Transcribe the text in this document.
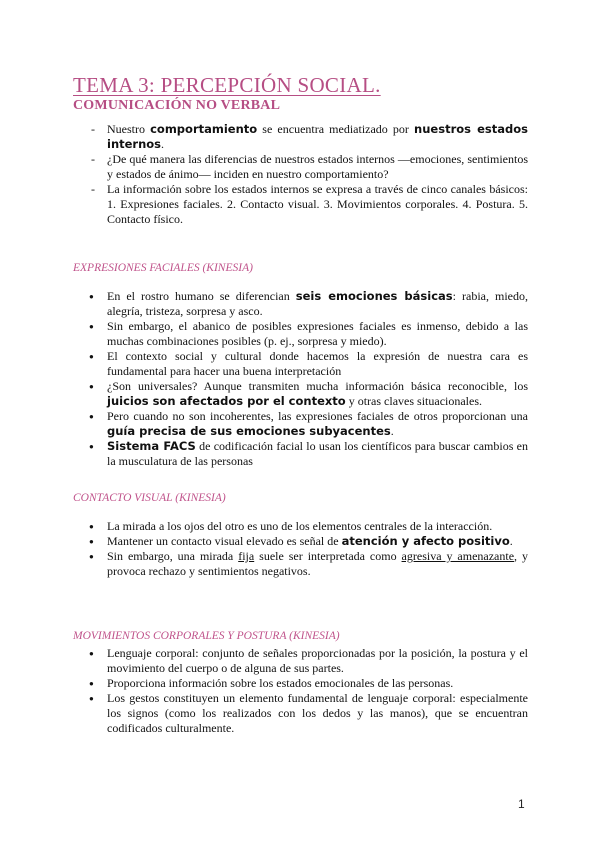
TEMA 3: PERCEPCIÓN SOCIAL.
COMUNICACIÓN NO VERBAL
- Nuestro comportamiento se encuentra mediatizado por nuestros estados internos.
- ¿De qué manera las diferencias de nuestros estados internos —emociones, sentimientos y estados de ánimo— inciden en nuestro comportamiento?
- La información sobre los estados internos se expresa a través de cinco canales básicos: 1. Expresiones faciales. 2. Contacto visual. 3. Movimientos corporales. 4. Postura. 5. Contacto físico.

EXPRESIONES FACIALES (KINESIA)

● En el rostro humano se diferencian seis emociones básicas: rabia, miedo, alegría, tristeza, sorpresa y asco.
● Sin embargo, el abanico de posibles expresiones faciales es inmenso, debido a las muchas combinaciones posibles (p. ej., sorpresa y miedo).
● El contexto social y cultural donde hacemos la expresión de nuestra cara es fundamental para hacer una buena interpretación
● ¿Son universales? Aunque transmiten mucha información básica reconocible, los juicios son afectados por el contexto y otras claves situacionales.
● Pero cuando no son incoherentes, las expresiones faciales de otros proporcionan una guía precisa de sus emociones subyacentes.
● Sistema FACS de codificación facial lo usan los científicos para buscar cambios en la musculatura de las personas

CONTACTO VISUAL (KINESIA)

● La mirada a los ojos del otro es uno de los elementos centrales de la interacción.
● Mantener un contacto visual elevado es señal de atención y afecto positivo.
● Sin embargo, una mirada fija suele ser interpretada como agresiva y amenazante, y provoca rechazo y sentimientos negativos.

MOVIMIENTOS CORPORALES Y POSTURA (KINESIA)

● Lenguaje corporal: conjunto de señales proporcionadas por la posición, la postura y el movimiento del cuerpo o de alguna de sus partes.
● Proporciona información sobre los estados emocionales de las personas.
● Los gestos constituyen un elemento fundamental de lenguaje corporal: especialmente los signos (como los realizados con los dedos y las manos), que se encuentran codificados culturalmente.
1
